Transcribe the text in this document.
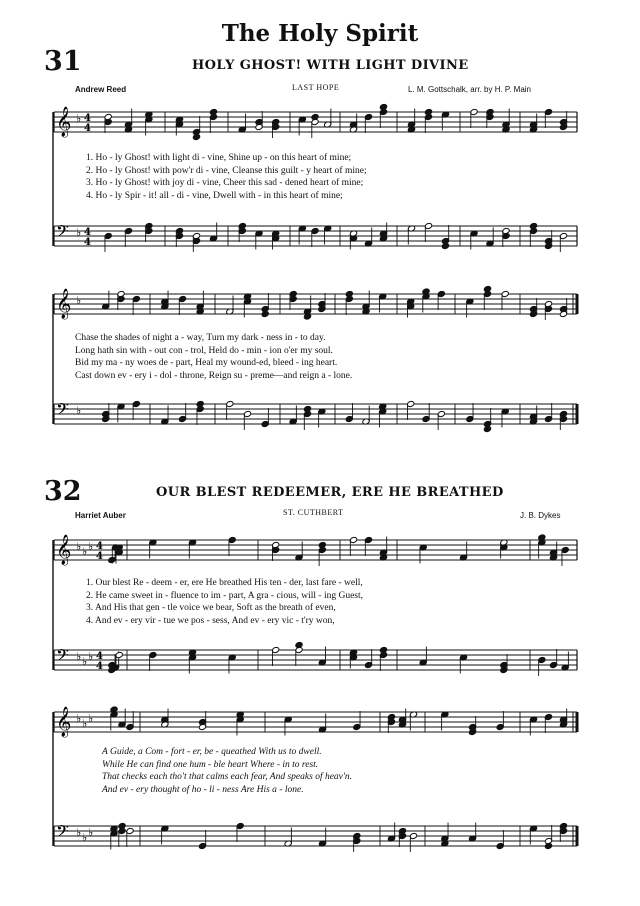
The Holy Spirit
31	HOLY GHOST! WITH LIGHT DIVINE
Andrew Reed	LAST HOPE	L. M. Gottschalk, arr. by H. P. Main
1. Ho - ly Ghost! with light di - vine, Shine up - on this heart of mine;
2. Ho - ly Ghost! with pow'r di - vine, Cleanse this guilt - y heart of mine;
3. Ho - ly Ghost! with joy di - vine, Cheer this sad - dened heart of mine;
4. Ho - ly Spir - it! all - di - vine, Dwell with - in this heart of mine;
Chase the shades of night a - way, Turn my dark - ness in - to day.
Long hath sin with - out con - trol, Held do - min - ion o'er my soul.
Bid my ma - ny woes de - part, Heal my wound-ed, bleed - ing heart.
Cast down ev - ery i - dol - throne, Reign su - preme—and reign a - lone.
32	OUR BLEST REDEEMER, ERE HE BREATHED
Harriet Auber	ST. CUTHBERT	J. B. Dykes
1. Our blest Re - deem - er, ere He breathed His ten - der, last fare - well,
2. He came sweet in - fluence to im - part, A gra - cious, will - ing Guest,
3. And His that gen - tle voice we bear, Soft as the breath of even,
4. And ev - ery vir - tue we pos - sess, And ev - ery vic - t'ry won,
A Guide, a Com - fort - er, be - queathed With us to dwell.
While He can find one hum - ble heart Where - in to rest.
That checks each tho't that calms each fear, And speaks of heav'n.
And ev - ery thought of ho - li - ness Are His a - lone.
𝄞 ♭ 4
4
𝄢 ♭ 4
4
𝄞 ♭
𝄢 ♭
𝄞 ♭ ♭ ♭ 4
4
𝄢 ♭ ♭ ♭ 4
4
𝄞 ♭ ♭ ♭
𝄢 ♭ ♭ ♭
